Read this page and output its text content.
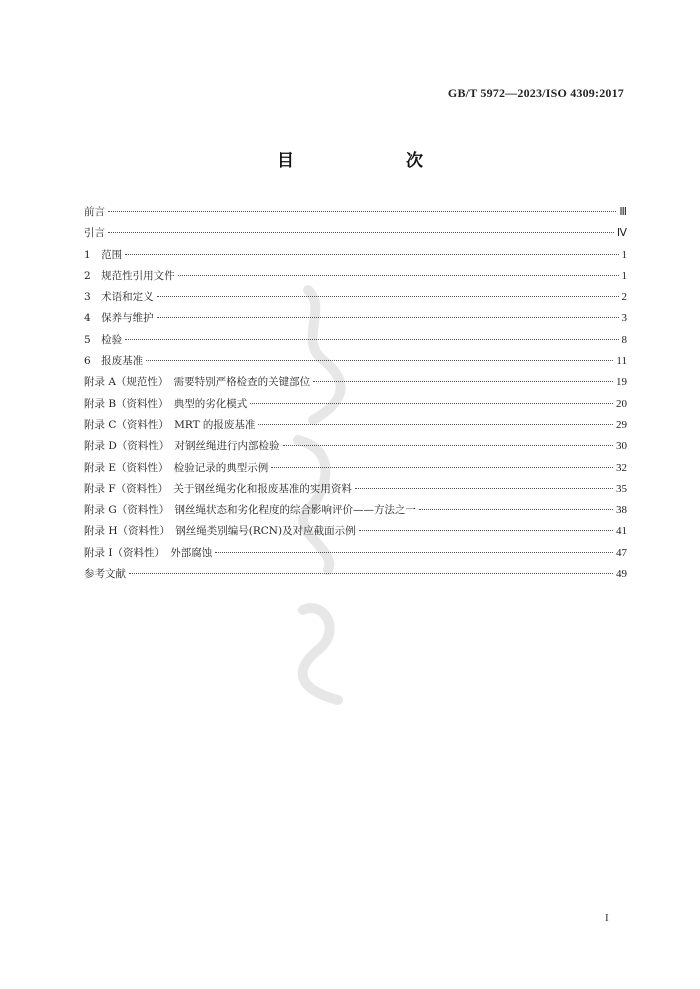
GB/T 5972—2023/ISO 4309:2017
目　　次
前言	Ⅲ
引言	Ⅳ
1　范围	1
2　规范性引用文件	1
3　术语和定义	2
4　保养与维护	3
5　检验	8
6　报废基准	11
附录 A（规范性）　需要特别严格检查的关键部位	19
附录 B（资料性）　典型的劣化模式	20
附录 C（资料性）　MRT 的报废基准	29
附录 D（资料性）　对钢丝绳进行内部检验	30
附录 E（资料性）　检验记录的典型示例	32
附录 F（资料性）　关于钢丝绳劣化和报废基准的实用资料	35
附录 G（资料性）　钢丝绳状态和劣化程度的综合影响评价——方法之一	38
附录 H（资料性）　钢丝绳类别编号(RCN)及对应截面示例	41
附录 I（资料性）　外部腐蚀	47
参考文献	49
I
